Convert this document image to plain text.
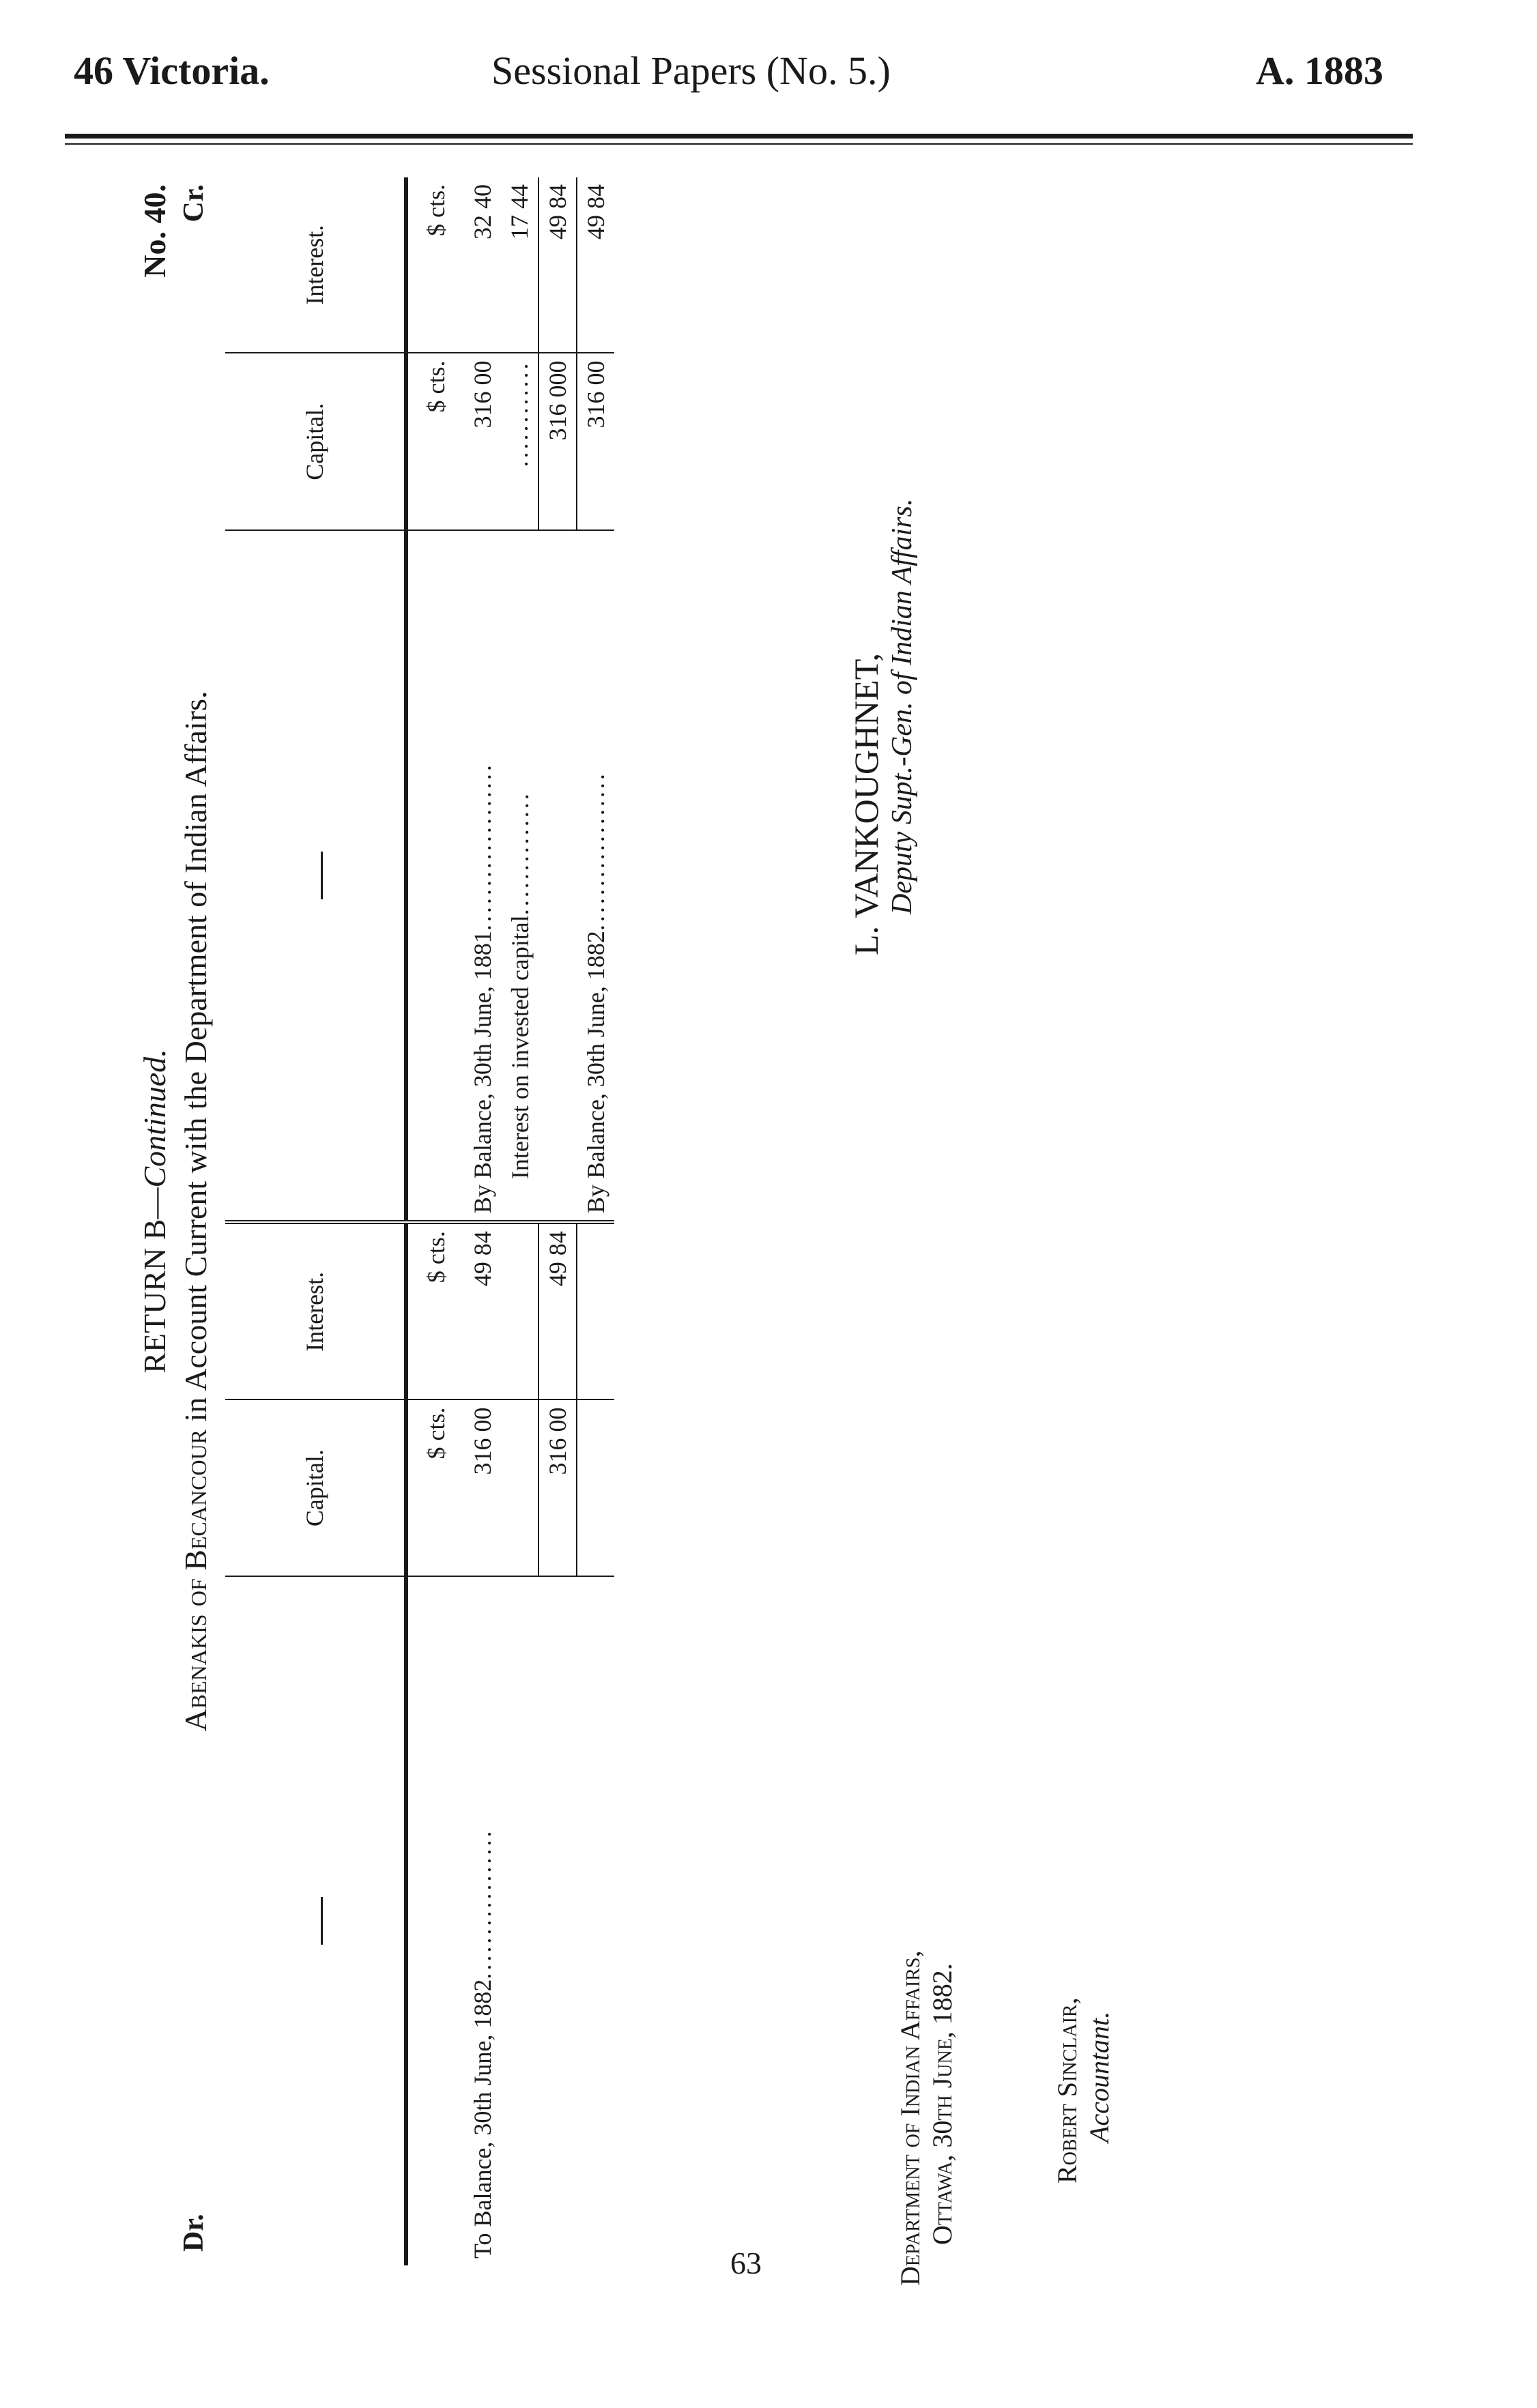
46 Victoria.	Sessional Papers (No. 5.)	A. 1883
RETURN B—Continued.
Abenakis of Becancour in Account Current with the Department of Indian Affairs.
No. 40.
Dr.
Cr.
	Capital.	Interest.		Capital.	Interest.
	$ cts.	$ cts.		$ cts.	$ cts.
To Balance, 30th June, 1882.................	316 00	49 84	By Balance, 30th June, 1881...................	316 00	32 40
			Interest on invested capital..............	............	17 44
	316 00	49 84		316 000	49 84
			By Balance, 30th June, 1882..................	316 00	49 84
L. VANKOUGHNET, Deputy Supt.-Gen. of Indian Affairs.
Department of Indian Affairs, Ottawa, 30th June, 1882.	Robert Sinclair, Accountant.
63
